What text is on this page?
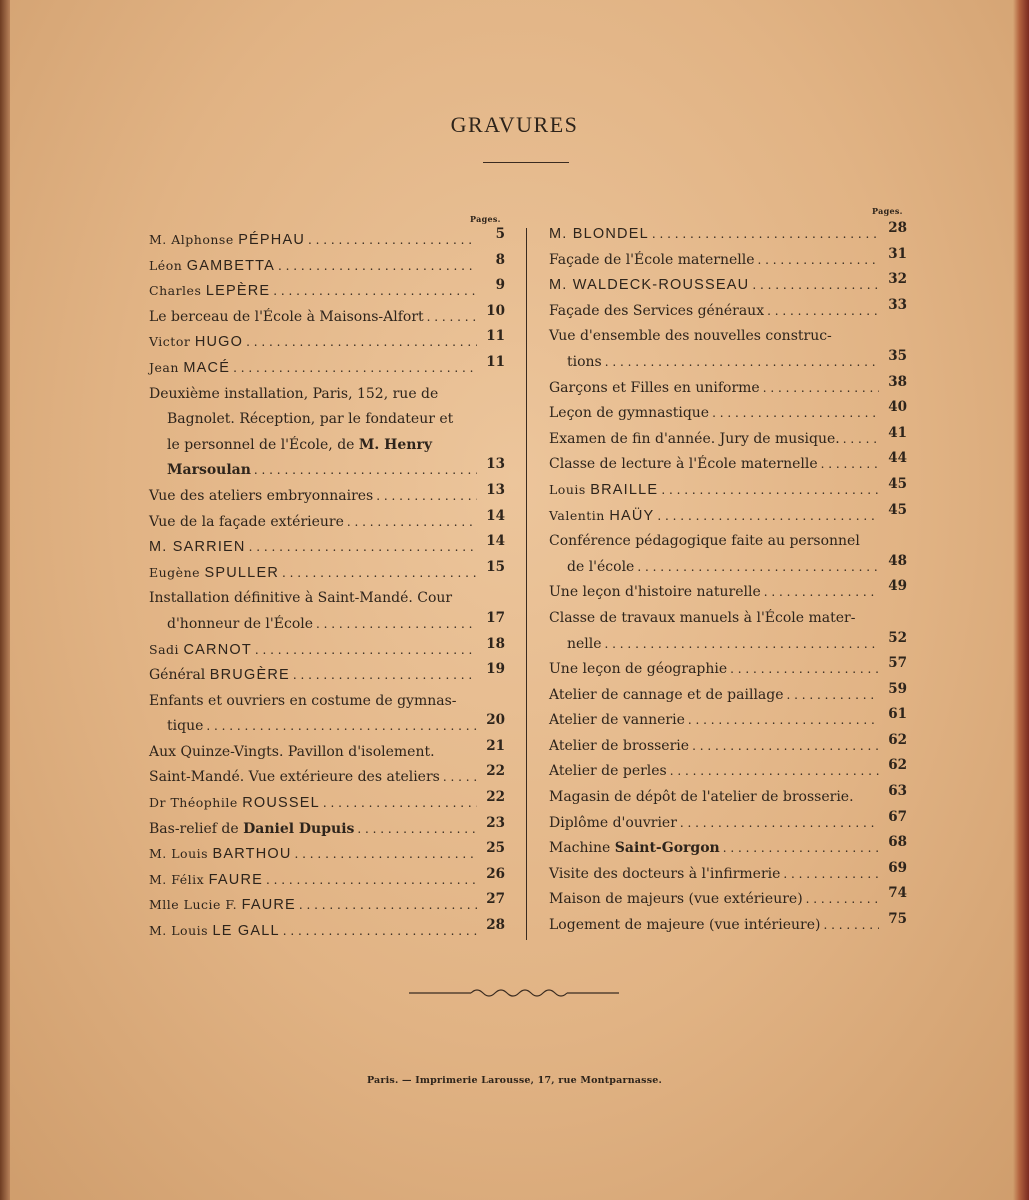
GRAVURES
Pages.
Pages.
M. Alphonse PÉPHAU . . .	5
Léon GAMBETTA . . .	8
Charles LEPÈRE . . .	9
Le berceau de l'École à Maisons-Alfort . . .	10
Victor HUGO . . .	11
Jean MACÉ . . .	11
Deuxième installation, Paris, 152, rue de
Bagnolet. Réception, par le fondateur et
le personnel de l'École, de M. Henry
Marsoulan . . .	13
Vue des ateliers embryonnaires . . .	13
Vue de la façade extérieure . . .	14
M. SARRIEN . . .	14
Eugène SPULLER . . .	15
Installation définitive à Saint-Mandé. Cour
d'honneur de l'École . . .	17
Sadi CARNOT . . .	18
Général BRUGÈRE . . .	19
Enfants et ouvriers en costume de gymnas-
tique . . .	20
Aux Quinze-Vingts. Pavillon d'isolement.	21
Saint-Mandé. Vue extérieure des ateliers . . .	22
Dr Théophile ROUSSEL . . .	22
Bas-relief de Daniel Dupuis . . .	23
M. Louis BARTHOU . . .	25
M. Félix FAURE . . .	26
Mlle Lucie F. FAURE . . .	27
M. Louis LE GALL . . .	28
M. BLONDEL . . .	28
Façade de l'École maternelle . . .	31
M. WALDECK-ROUSSEAU . . .	32
Façade des Services généraux . . .	33
Vue d'ensemble des nouvelles construc-
tions . . .	35
Garçons et Filles en uniforme . . .	38
Leçon de gymnastique . . .	40
Examen de fin d'année. Jury de musique. . . .	41
Classe de lecture à l'École maternelle . . .	44
Louis BRAILLE . . .	45
Valentin HAÜY . . .	45
Conférence pédagogique faite au personnel
de l'école . . .	48
Une leçon d'histoire naturelle . . .	49
Classe de travaux manuels à l'École mater-
nelle . . .	52
Une leçon de géographie . . .	57
Atelier de cannage et de paillage . . .	59
Atelier de vannerie . . .	61
Atelier de brosserie . . .	62
Atelier de perles . . .	62
Magasin de dépôt de l'atelier de brosserie.	63
Diplôme d'ouvrier . . .	67
Machine Saint-Gorgon . . .	68
Visite des docteurs à l'infirmerie . . .	69
Maison de majeurs (vue extérieure) . . .	74
Logement de majeure (vue intérieure) . . .	75
Paris. — Imprimerie Larousse, 17, rue Montparnasse.
